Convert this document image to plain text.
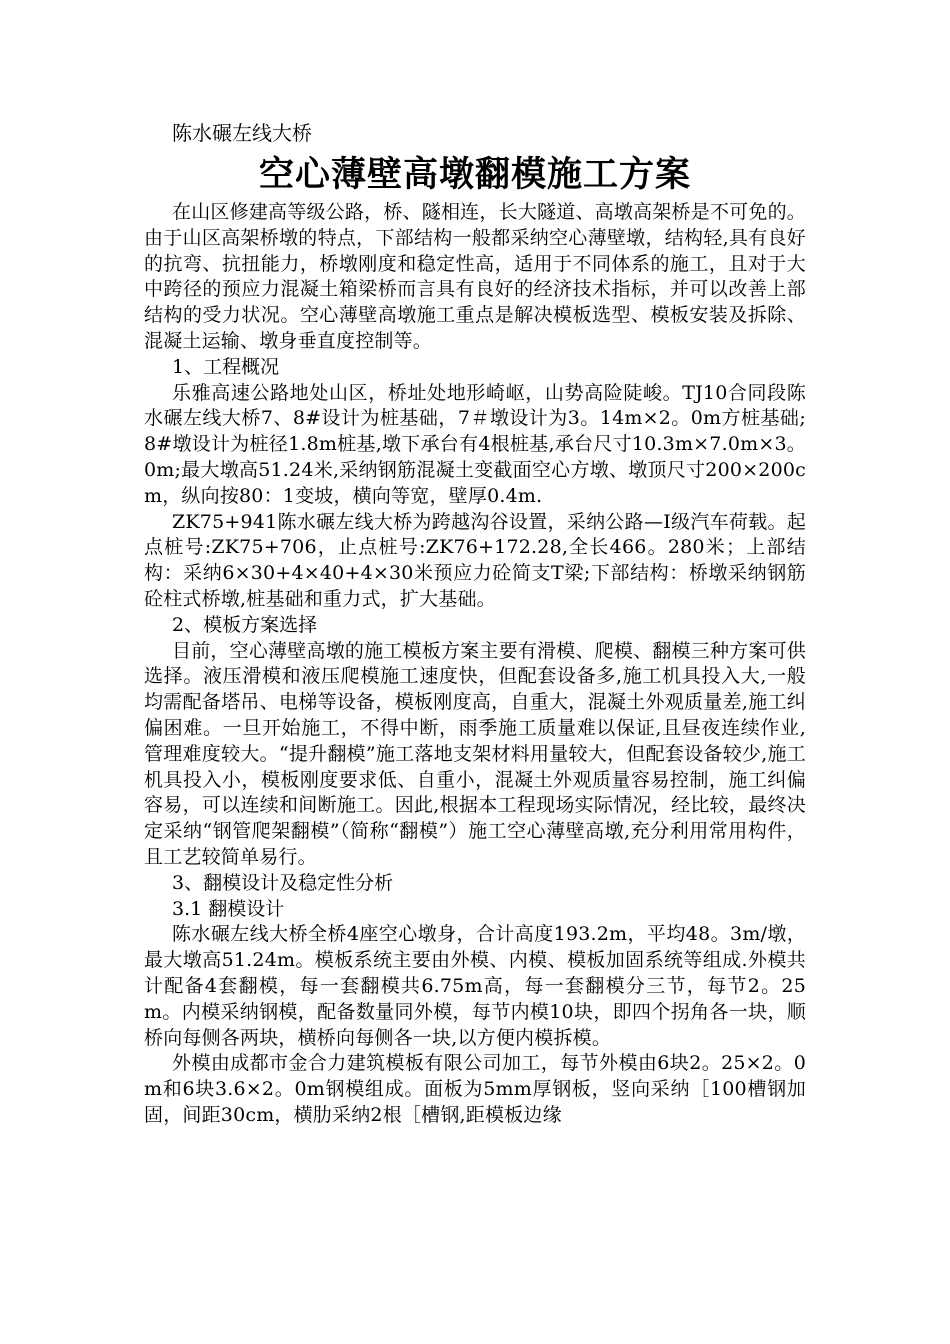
陈水碾左线大桥
空心薄壁高墩翻模施工方案

在山区修建高等级公路，桥、隧相连，长大隧道、高墩高架桥是不可免的。由于山区高架桥墩的特点，下部结构一般都采纳空心薄壁墩，结构轻,具有良好的抗弯、抗扭能力，桥墩刚度和稳定性高，适用于不同体系的施工，且对于大中跨径的预应力混凝土箱梁桥而言具有良好的经济技术指标，并可以改善上部结构的受力状况。空心薄壁高墩施工重点是解决模板选型、模板安装及拆除、混凝土运输、墩身垂直度控制等。

1、工程概况

乐雅高速公路地处山区，桥址处地形崎岖，山势高险陡峻。TJ10合同段陈水碾左线大桥7、8#设计为桩基础，7＃墩设计为3。14m×2。0m方桩基础;8#墩设计为桩径1.8m桩基,墩下承台有4根桩基,承台尺寸10.3m×7.0m×3。0m;最大墩高51.24米,采纳钢筋混凝土变截面空心方墩、墩顶尺寸200×200cm，纵向按80：1变坡，横向等宽，壁厚0.4m.

ZK75+941陈水碾左线大桥为跨越沟谷设置，采纳公路—Ⅰ级汽车荷载。起点桩号:ZK75+706，止点桩号:ZK76+172.28,全长466。280米；上部结构：采纳6×30+4×40+4×30米预应力砼简支T梁;下部结构：桥墩采纳钢筋砼柱式桥墩,桩基础和重力式，扩大基础。

2、模板方案选择

目前，空心薄壁高墩的施工模板方案主要有滑模、爬模、翻模三种方案可供选择。液压滑模和液压爬模施工速度快，但配套设备多,施工机具投入大,一般均需配备塔吊、电梯等设备，模板刚度高，自重大，混凝土外观质量差,施工纠偏困难。一旦开始施工，不得中断，雨季施工质量难以保证,且昼夜连续作业,管理难度较大。“提升翻模”施工落地支架材料用量较大，但配套设备较少,施工机具投入小，模板刚度要求低、自重小，混凝土外观质量容易控制，施工纠偏容易，可以连续和间断施工。因此,根据本工程现场实际情况，经比较，最终决定采纳“钢管爬架翻模”（简称“翻模”）施工空心薄壁高墩,充分利用常用构件，且工艺较简单易行。

3、翻模设计及稳定性分析
3.1 翻模设计

陈水碾左线大桥全桥4座空心墩身，合计高度193.2m，平均48。3m/墩，最大墩高51.24m。模板系统主要由外模、内模、模板加固系统等组成.外模共计配备4套翻模，每一套翻模共6.75m高，每一套翻模分三节，每节2。25m。内模采纳钢模，配备数量同外模，每节内模10块，即四个拐角各一块，顺桥向每侧各两块，横桥向每侧各一块,以方便内模拆模。

外模由成都市金合力建筑模板有限公司加工，每节外模由6块2。25×2。0m和6块3.6×2。0m钢模组成。面板为5mm厚钢板，竖向采纳［100槽钢加固，间距30cm，横肋采纳2根［槽钢,距模板边缘
